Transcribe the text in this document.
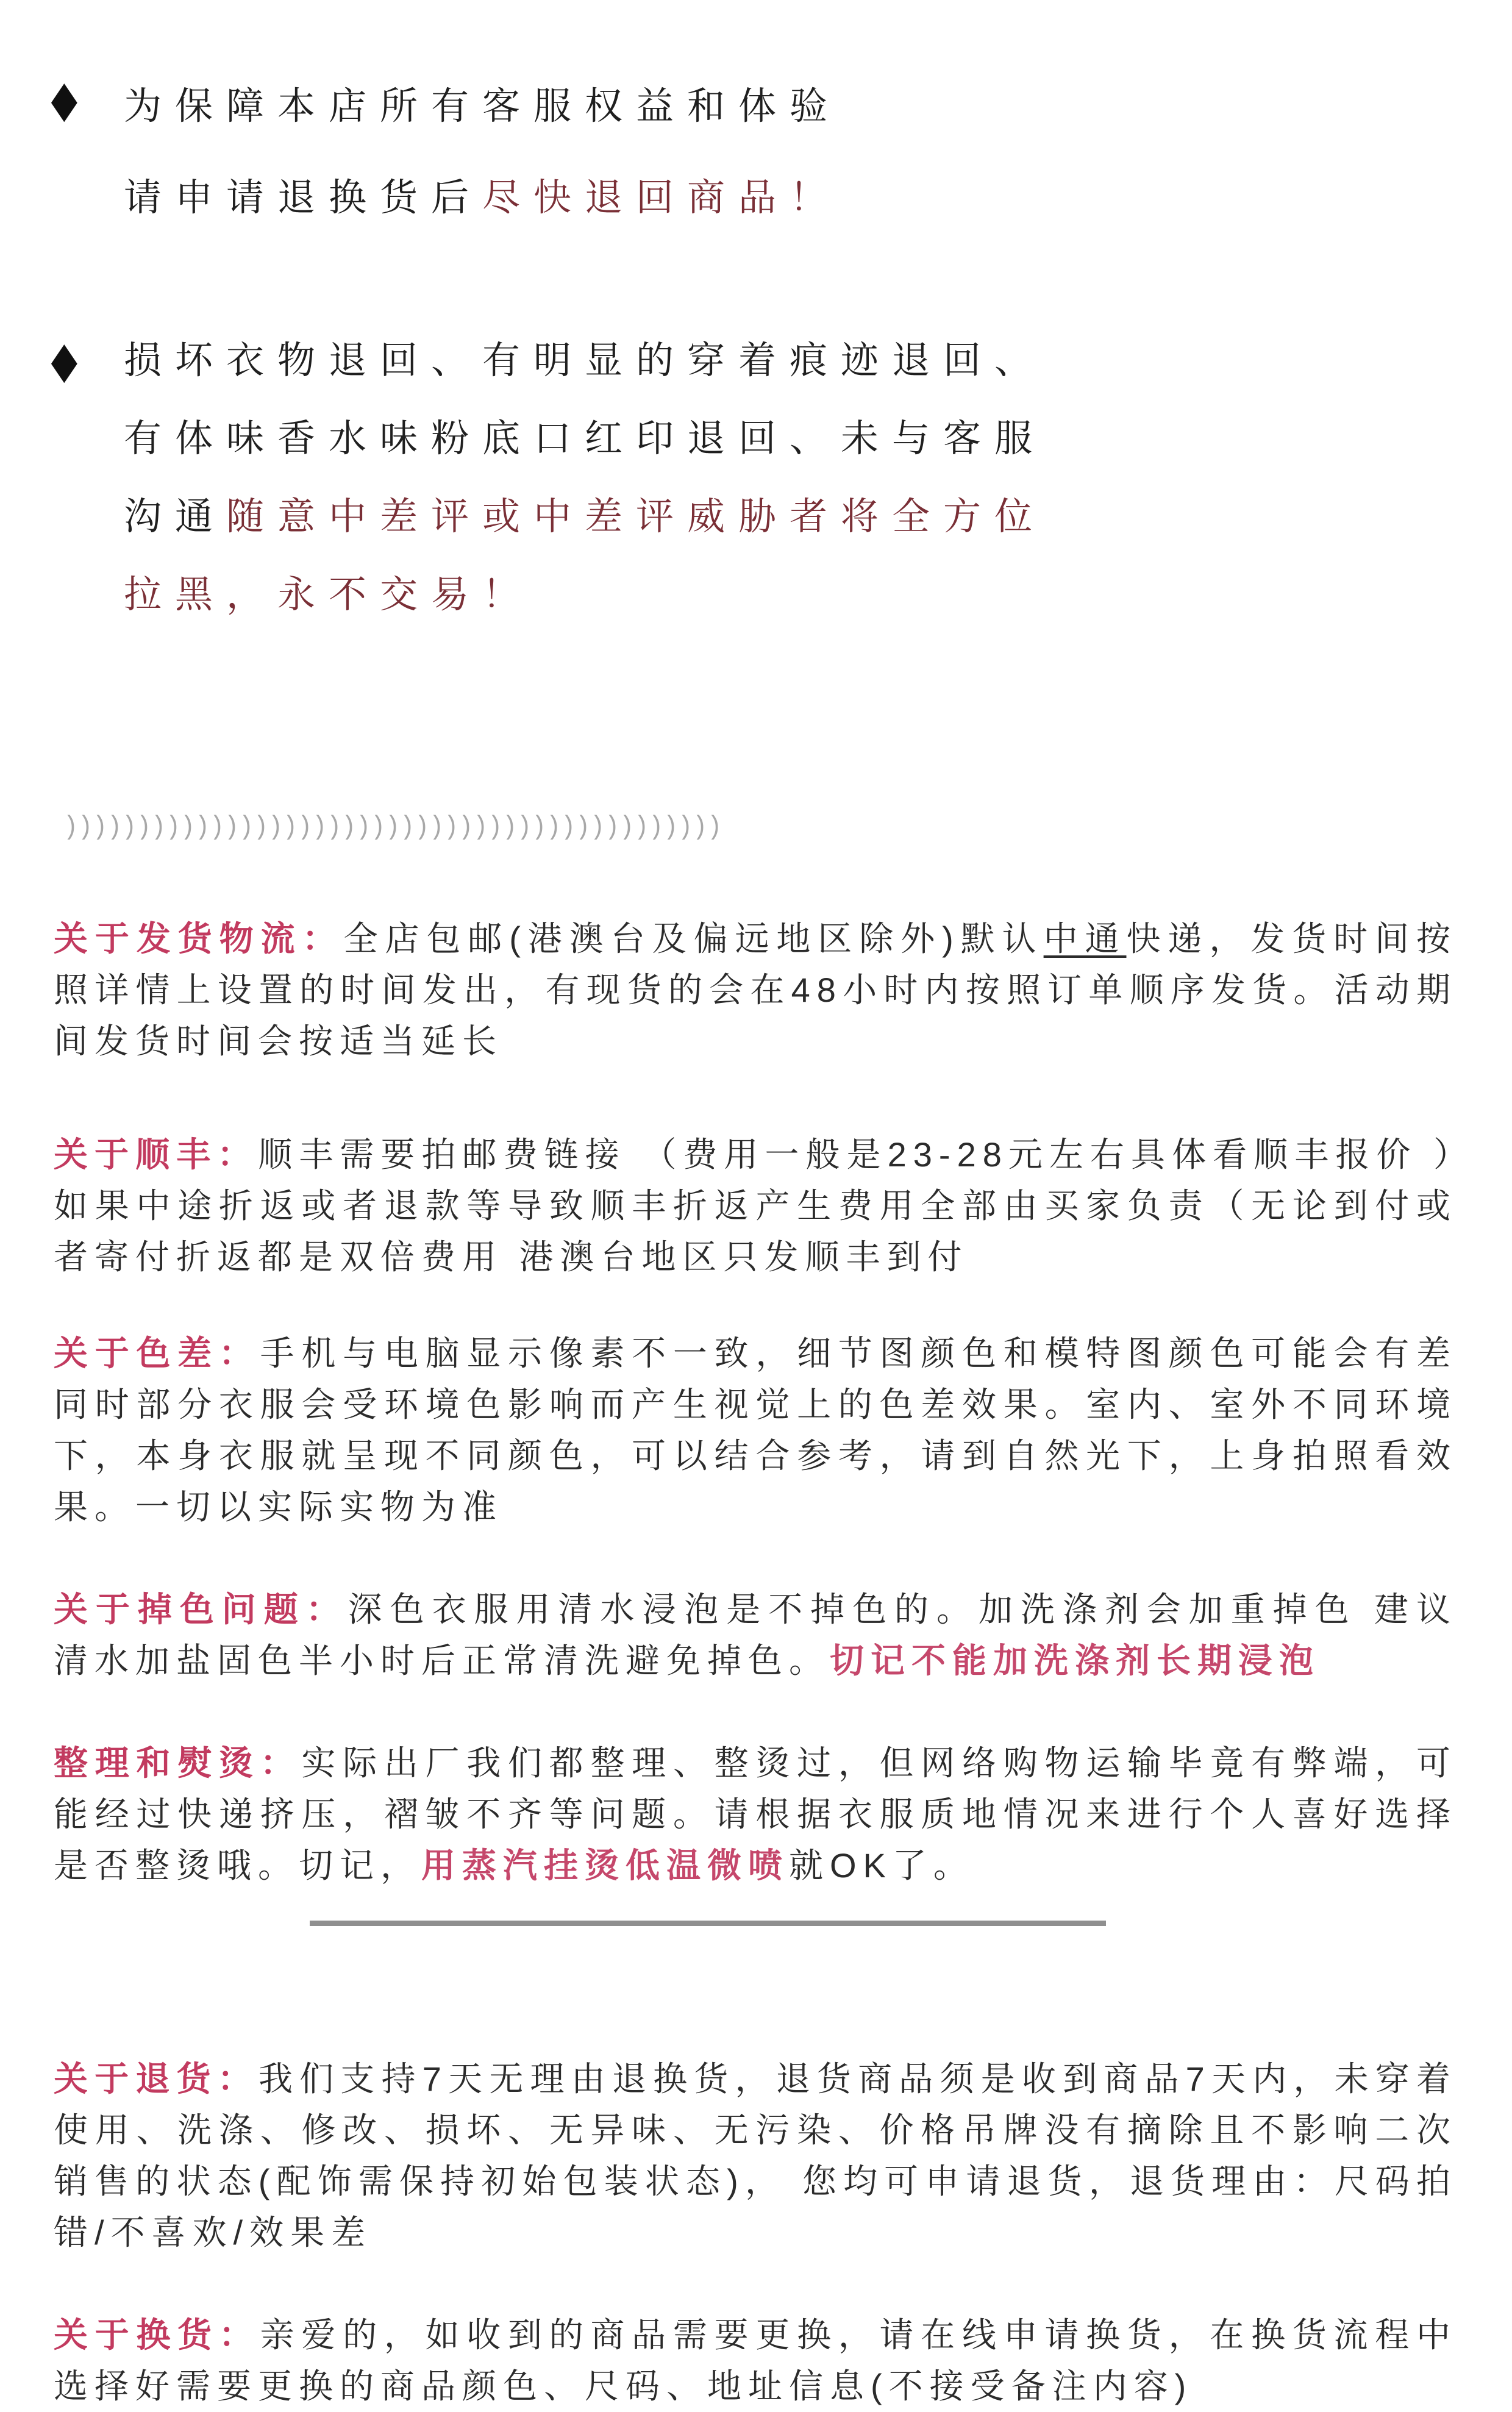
◆ 为保障本店所有客服权益和体验
请申请退换货后尽快退回商品！
◆ 损坏衣物退回、有明显的穿着痕迹退回、
有体味香水味粉底口红印退回、未与客服
沟通随意中差评或中差评威胁者将全方位
拉黑，永不交易！
)))))))))))))))))))))))))))))))))))))))))))))

关于发货物流：全店包邮(港澳台及偏远地区除外)默认中通快递，发货时间按照详情上设置的时间发出，有现货的会在48小时内按照订单顺序发货。活动期间发货时间会按适当延长

关于顺丰：顺丰需要拍邮费链接 （费用一般是23-28元左右具体看顺丰报价 ）如果中途折返或者退款等导致顺丰折返产生费用全部由买家负责（无论到付或者寄付折返都是双倍费用 港澳台地区只发顺丰到付

关于色差：手机与电脑显示像素不一致，细节图颜色和模特图颜色可能会有差同时部分衣服会受环境色影响而产生视觉上的色差效果。室内、室外不同环境下，本身衣服就呈现不同颜色，可以结合参考，请到自然光下，上身拍照看效果。一切以实际实物为准

关于掉色问题：深色衣服用清水浸泡是不掉色的。加洗涤剂会加重掉色 建议清水加盐固色半小时后正常清洗避免掉色。切记不能加洗涤剂长期浸泡

整理和熨烫：实际出厂我们都整理、整烫过，但网络购物运输毕竟有弊端，可能经过快递挤压，褶皱不齐等问题。请根据衣服质地情况来进行个人喜好选择是否整烫哦。切记，用蒸汽挂烫低温微喷就OK了。

关于退货：我们支持7天无理由退换货，退货商品须是收到商品7天内，未穿着使用、洗涤、修改、损坏、无异味、无污染、价格吊牌没有摘除且不影响二次销售的状态(配饰需保持初始包装状态)， 您均可申请退货，退货理由：尺码拍错/不喜欢/效果差

关于换货：亲爱的，如收到的商品需要更换，请在线申请换货，在换货流程中选择好需要更换的商品颜色、尺码、地址信息(不接受备注内容)
